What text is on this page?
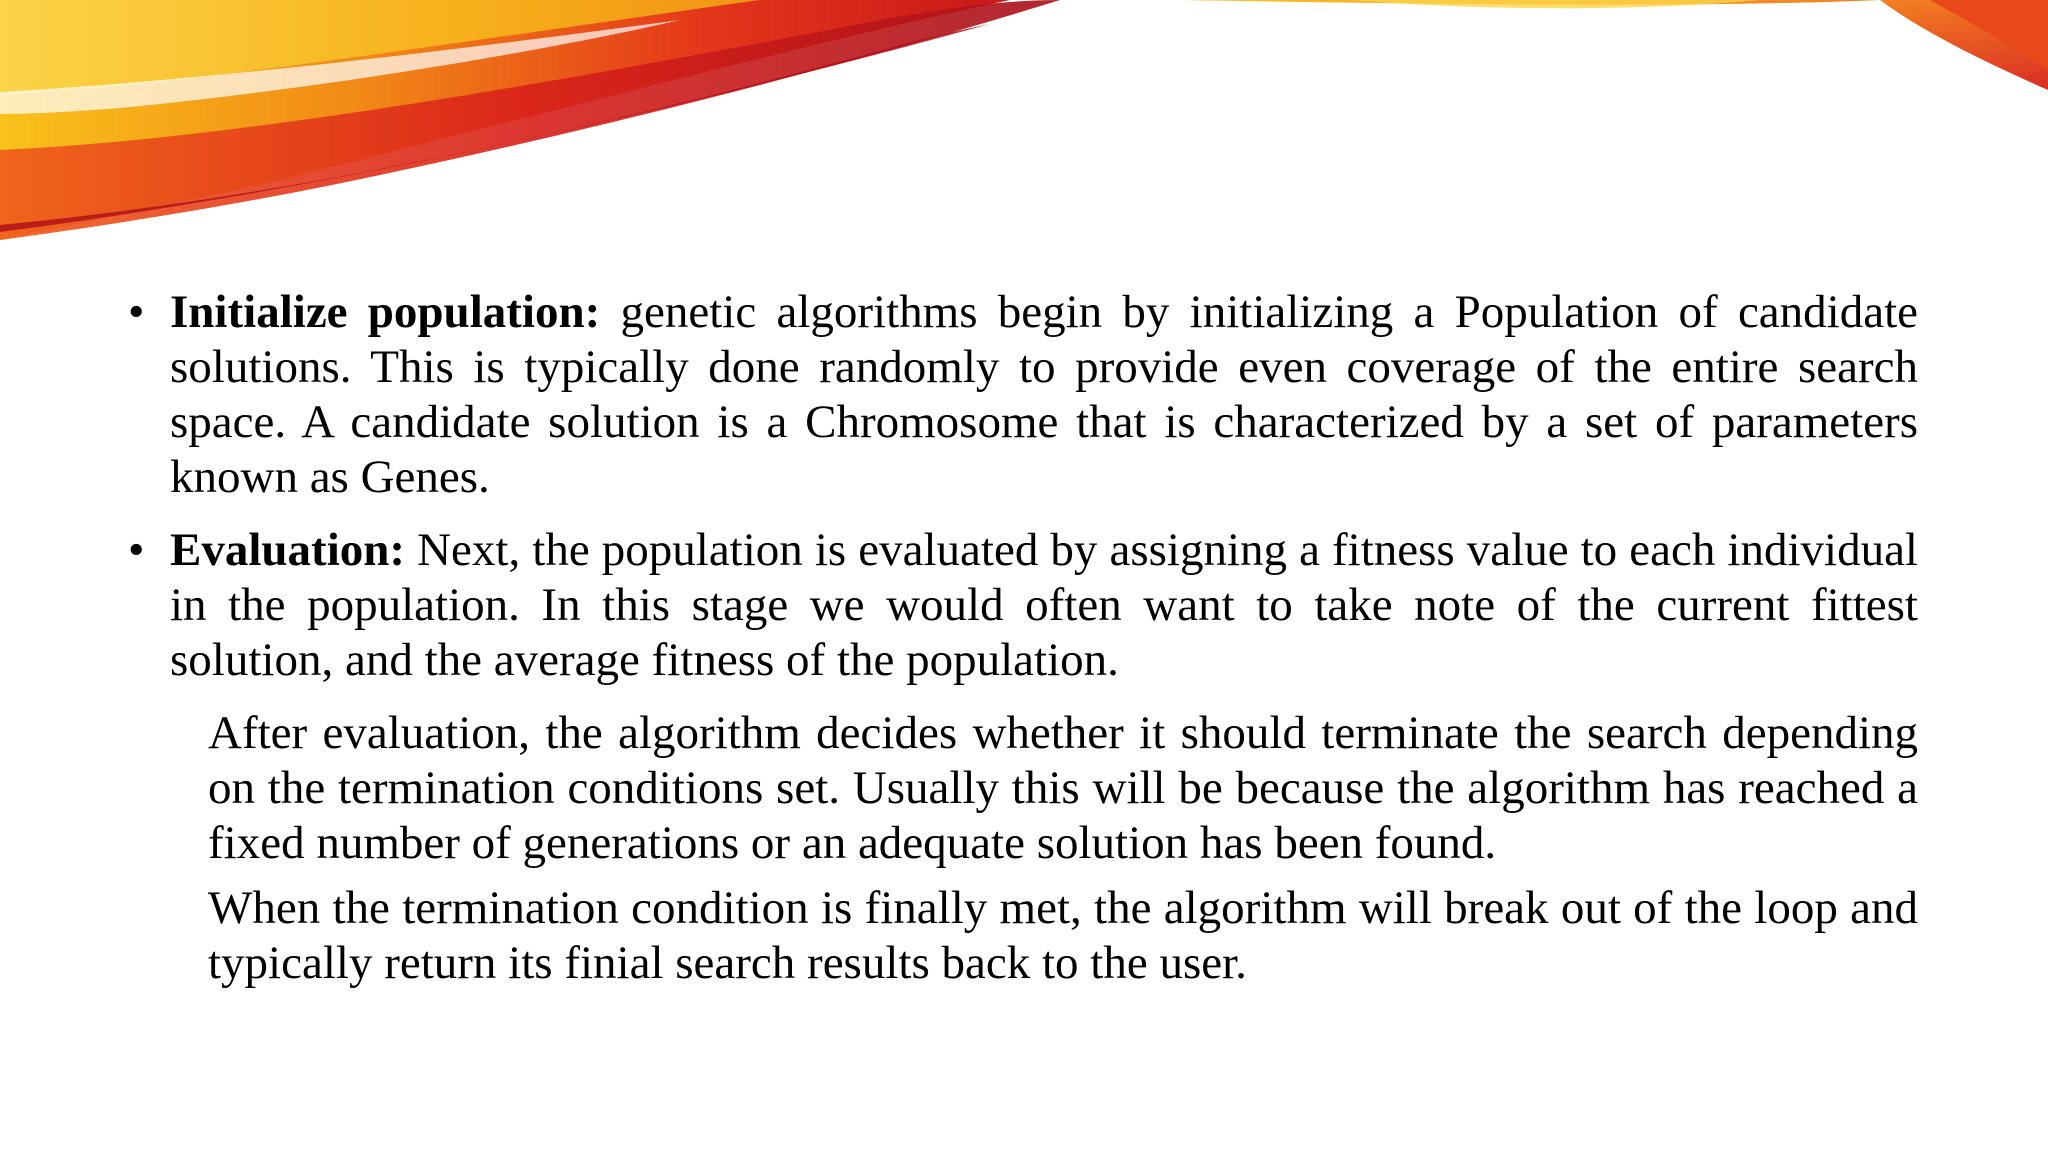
• Initialize population: genetic algorithms begin by initializing a Population of candidate solutions. This is typically done randomly to provide even coverage of the entire search space. A candidate solution is a Chromosome that is characterized by a set of parameters known as Genes.

• Evaluation: Next, the population is evaluated by assigning a fitness value to each individual in the population. In this stage we would often want to take note of the current fittest solution, and the average fitness of the population.

After evaluation, the algorithm decides whether it should terminate the search depending on the termination conditions set. Usually this will be because the algorithm has reached a fixed number of generations or an adequate solution has been found.

When the termination condition is finally met, the algorithm will break out of the loop and typically return its finial search results back to the user.
